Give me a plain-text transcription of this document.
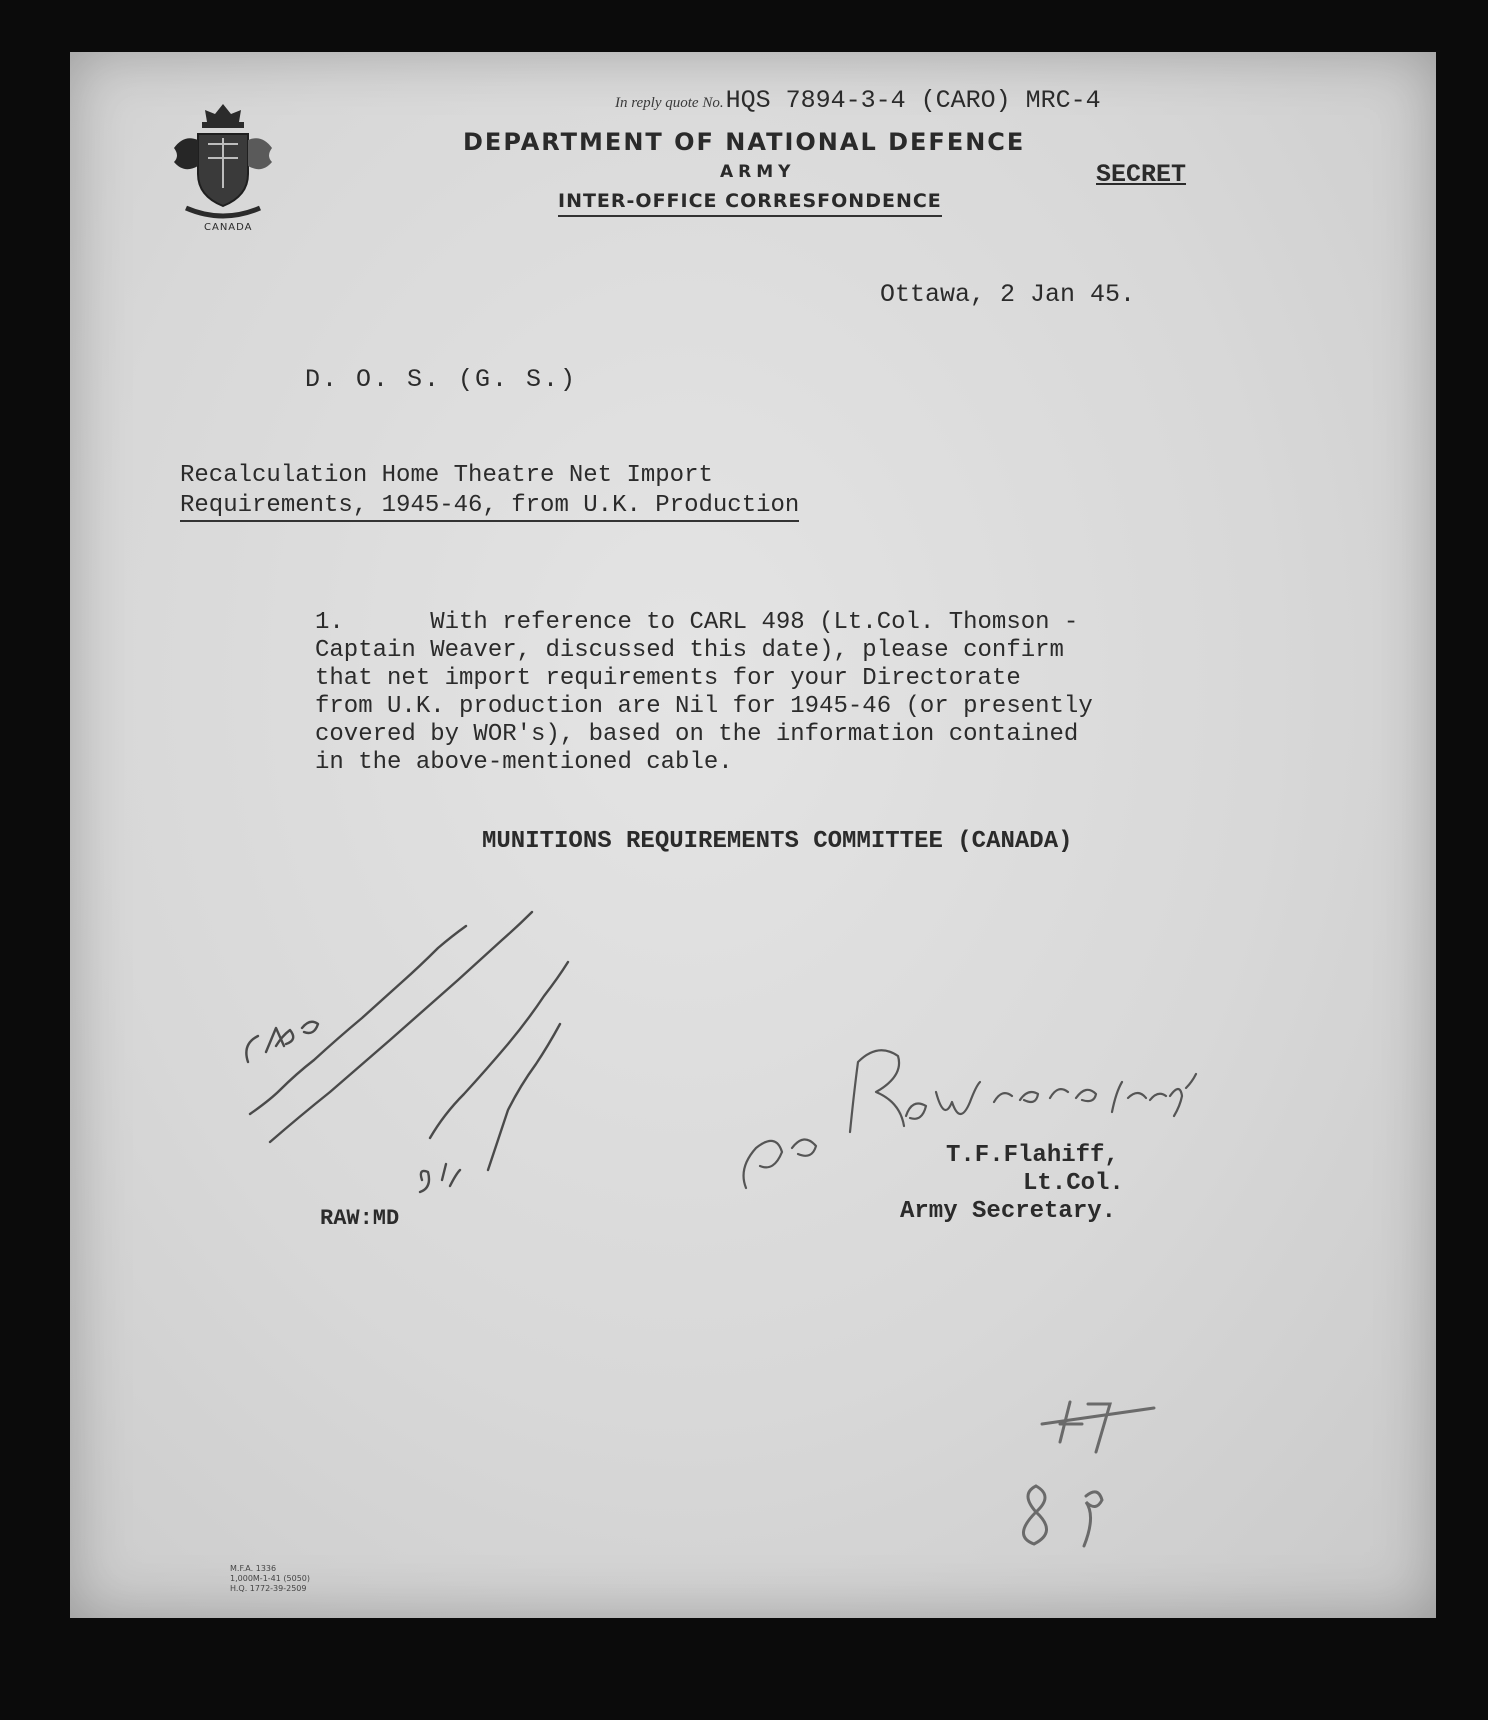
CANADA
In reply quote No.HQS 7894-3-4 (CARO) MRC-4
DEPARTMENT OF NATIONAL DEFENCE
ARMY
INTER-OFFICE CORRESFONDENCE
SECRET
Ottawa, 2 Jan 45.
D. O. S. (G. S.)
Recalculation Home Theatre Net Import
Requirements, 1945-46, from U.K. Production
1.      With reference to CARL 498 (Lt.Col. Thomson -
Captain Weaver, discussed this date), please confirm
that net import requirements for your Directorate
from U.K. production are Nil for 1945-46 (or presently
covered by WOR's), based on the information contained
in the above-mentioned cable.
MUNITIONS REQUIREMENTS COMMITTEE (CANADA)
T.F.Flahiff,
Lt.Col.
Army Secretary.
RAW:MD
M.F.A. 1336
1,000M-1-41 (5050)
H.Q. 1772-39-2509
